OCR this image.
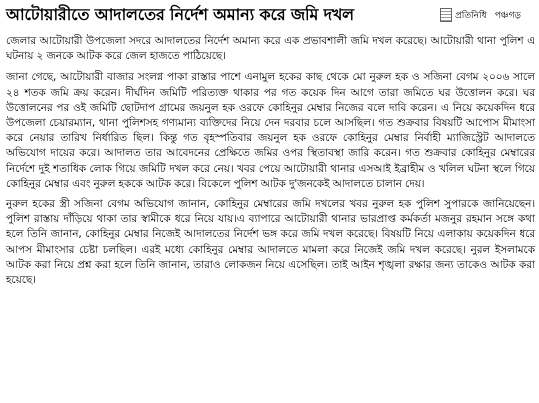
আটোয়ারীতে আদালতের নির্দেশ অমান্য করে জমি দখল	প্রতিনিধি পঞ্চগড়

জেলার আটোয়ারী উপজেলা সদরে আদালতের নির্দেশ অমান্য করে এক প্রভাবশালী জমি দখল করেছে। আটোয়ারী থানা পুলিশ এ ঘটনায় ২ জনকে আটক করে জেল হাজতে পাঠিয়েছে।

জানা গেছে, আটোয়ারী বাজার সংলগ্ন পাকা রাস্তার পাশে এনামুল হকের কাছ থেকে মো নুরুল হক ও সজিনা বেগম ২০০৬ সালে ২৪ শতক জমি ক্রয় করেন। দীর্ঘদিন জমিটি পরিত্যক্ত থাকার পর গত কয়েক দিন আগে তারা জমিতে ঘর উত্তোলন করে। ঘর উত্তোলনের পর ওই জমিটি ছোটদাপ গ্রামের জয়নুল হক ওরফে কোহিনুর মেম্বার নিজের বলে দাবি করেন। এ নিয়ে কয়েকদিন ধরে উপজেলা চেয়ারম্যান, থানা পুলিশসহ গণ্যমান্য ব্যক্তিদের নিয়ে দেন দরবার চলে আসছিল। গত শুক্রবার বিষয়টি আপোস মীমাংসা করে নেয়ার তারিখ নির্ধারিত ছিল। কিন্তু গত বৃহস্পতিবার জয়নুল হক ওরফে কোহিনুর মেম্বার নির্বাহী ম্যাজিস্ট্রেট আদালতে অভিযোগ দায়ের করে। আদালত তার আবেদনের প্রেক্ষিতে জমির ওপর স্থিতাবস্থা জারি করেন। গত শুক্রবার কোহিনুর মেম্বারের নির্দেশে দুই শতাধিক লোক গিয়ে জমিটি দখল করে নেয়। খবর পেয়ে আটোয়ারী থানার এসআই ইব্রাহীম ও খলিল ঘটনা স্থলে গিয়ে কোহিনুর মেম্বার এবং নুরুল হককে আটক করে। বিকেলে পুলিশ আটক দু'জনকেই আদালতে চালান দেয়।

নুরুল হকের স্ত্রী সজিনা বেগম অভিযোগ জানান, কোহিনুর মেম্বারের জমি দখলের খবর নুরুল হক পুলিশ সুপারকে জানিয়েছেন। পুলিশ রাস্তায় দাঁড়িয়ে থাকা তার স্বামীকে ধরে নিয়ে যায়।এ ব্যাপারে আটোয়ারী থানার ভারপ্রাপ্ত কর্মকর্তা মজনুর রহমান সঙ্গে কথা হলে তিনি জানান, কোহিনুর মেম্বার নিজেই আদালতের নির্দেশ ভঙ্গ করে জমি দখল করেছে। বিষয়টি নিয়ে এলাকায় কয়েকদিন ধরে আপস মীমাংসার চেষ্টা চলছিল। এরই মধ্যে কোহিনুর মেম্বার আদালতে মামলা করে নিজেই জমি দখল করেছে। নুরল ইসলামকে আটক করা নিয়ে প্রশ্ন করা হলে তিনি জানান, তারাও লোকজন নিয়ে এসেছিল। তাই আইন শৃঙ্খলা রক্ষার জন্য তাকেও আটক করা হয়েছে।
